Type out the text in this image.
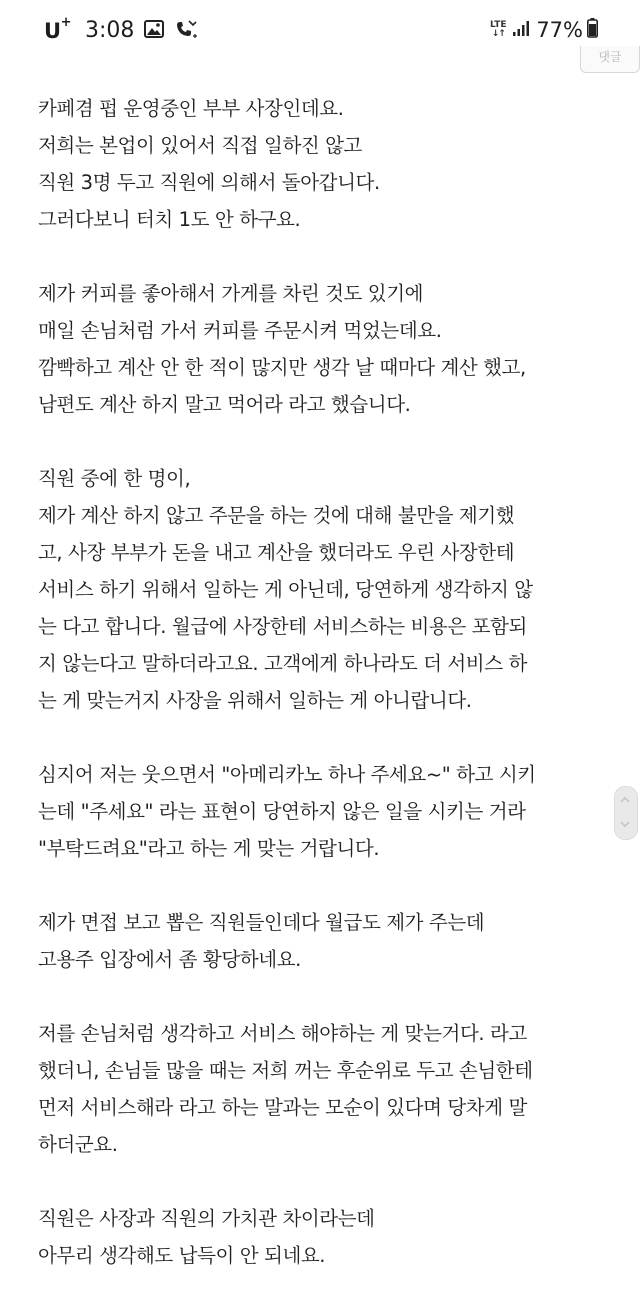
U+ 3:08	LTE
↓↑ 77%
댓글
카페겸 펍 운영중인 부부 사장인데요.
저희는 본업이 있어서 직접 일하진 않고
직원 3명 두고 직원에 의해서 돌아갑니다.
그러다보니 터치 1도 안 하구요.
제가 커피를 좋아해서 가게를 차린 것도 있기에
매일 손님처럼 가서 커피를 주문시켜 먹었는데요.
깜빡하고 계산 안 한 적이 많지만 생각 날 때마다 계산 했고,
남편도 계산 하지 말고 먹어라 라고 했습니다.
직원 중에 한 명이,
제가 계산 하지 않고 주문을 하는 것에 대해 불만을 제기했
고, 사장 부부가 돈을 내고 계산을 했더라도 우린 사장한테
서비스 하기 위해서 일하는 게 아닌데, 당연하게 생각하지 않
는 다고 합니다. 월급에 사장한테 서비스하는 비용은 포함되
지 않는다고 말하더라고요. 고객에게 하나라도 더 서비스 하
는 게 맞는거지 사장을 위해서 일하는 게 아니랍니다.
심지어 저는 웃으면서 "아메리카노 하나 주세요~" 하고 시키
는데 "주세요" 라는 표현이 당연하지 않은 일을 시키는 거라
"부탁드려요"라고 하는 게 맞는 거랍니다.
제가 면접 보고 뽑은 직원들인데다 월급도 제가 주는데
고용주 입장에서 좀 황당하네요.
저를 손님처럼 생각하고 서비스 해야하는 게 맞는거다. 라고
했더니, 손님들 많을 때는 저희 꺼는 후순위로 두고 손님한테
먼저 서비스해라 라고 하는 말과는 모순이 있다며 당차게 말
하더군요.
직원은 사장과 직원의 가치관 차이라는데
아무리 생각해도 납득이 안 되네요.
